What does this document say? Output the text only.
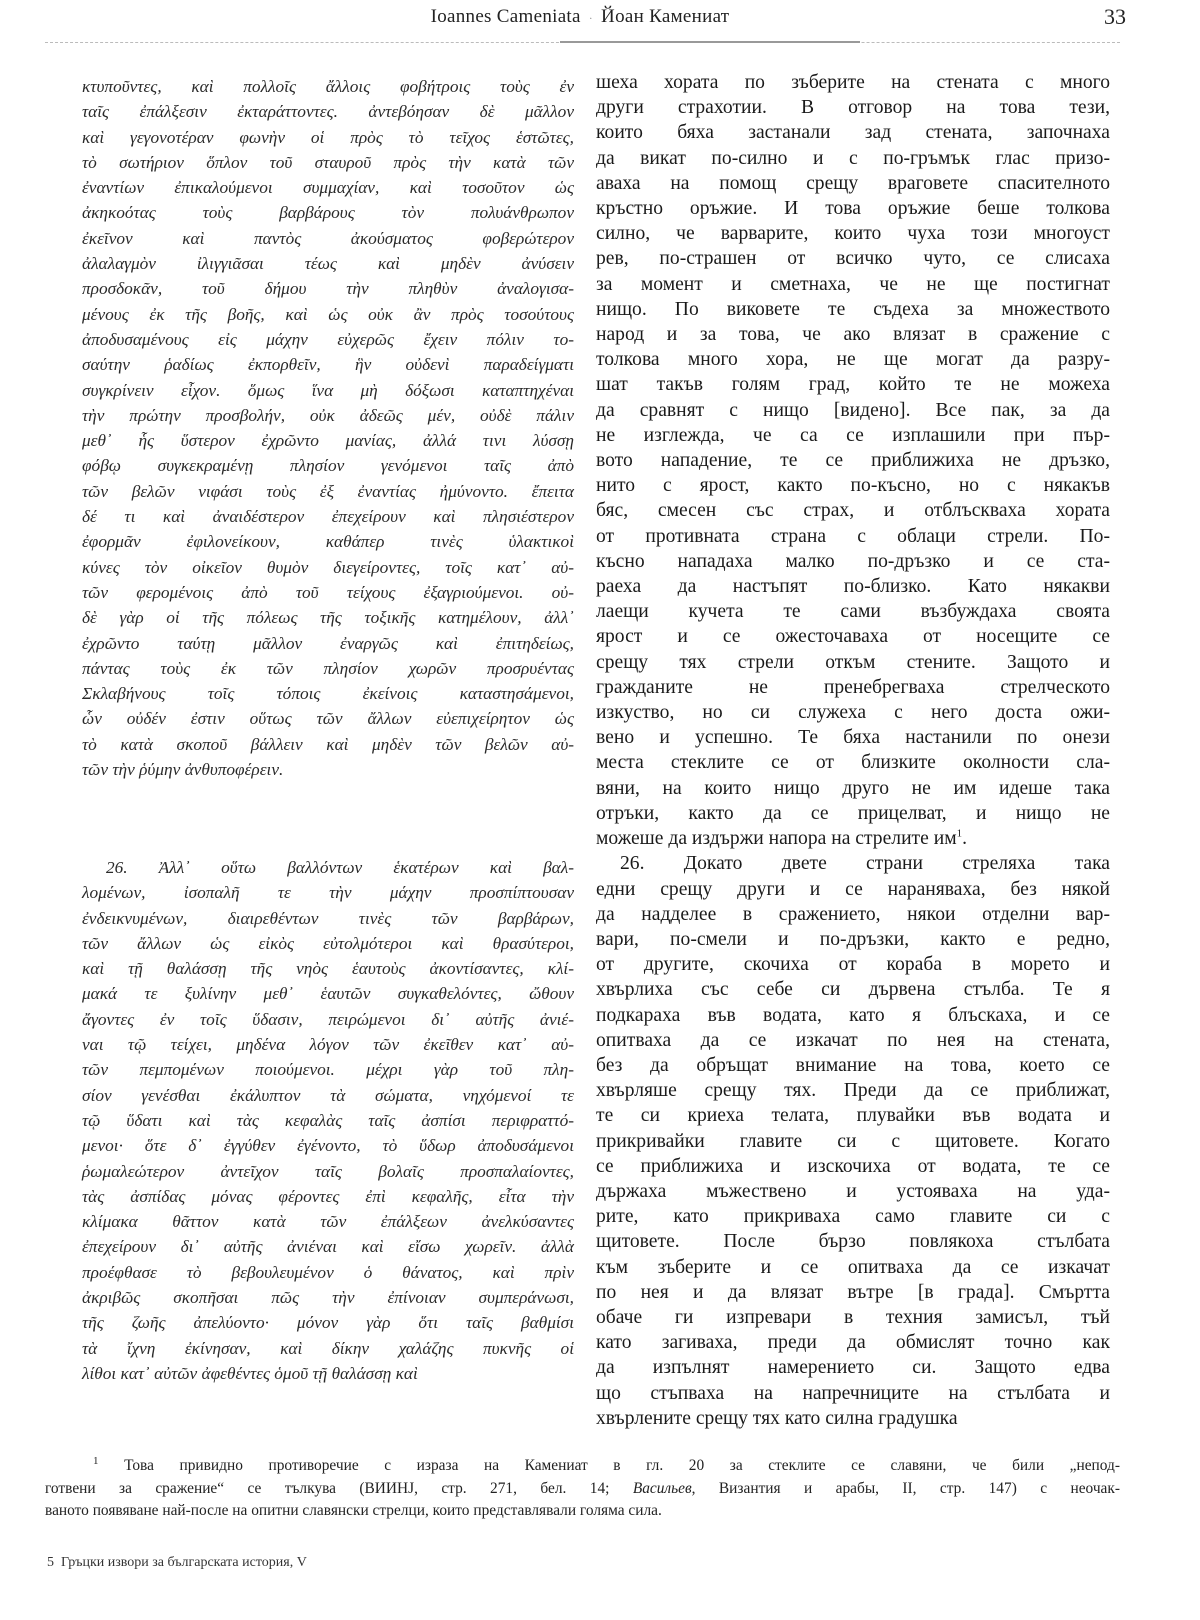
Ioannes Cameniata · Йоан Камениат	33
κτυποῦντες, καὶ πολλοῖς ἄλλοις φοβήτροις τοὺς ἐν
ταῖς ἐπάλξεσιν ἐκταράττοντες. ἀντεβόησαν δὲ μᾶλλον
καὶ γεγονοτέραν φωνὴν οἱ πρὸς τὸ τεῖχος ἑστῶτες,
τὸ σωτήριον ὅπλον τοῦ σταυροῦ πρὸς τὴν κατὰ τῶν
ἐναντίων ἐπικαλούμενοι συμμαχίαν, καὶ τοσοῦτον ὡς
ἀκηκοότας τοὺς βαρβάρους τὸν πολυάνθρωπον
ἐκεῖνον καὶ παντὸς ἀκούσματος φοβερώτερον
ἀλαλαγμὸν ἰλιγγιᾶσαι τέως καὶ μηδὲν ἀνύσειν
προσδοκᾶν, τοῦ δήμου τὴν πληθὺν ἀναλογισα-
μένους ἐκ τῆς βοῆς, καὶ ὡς οὐκ ἂν πρὸς τοσούτους
ἀποδυσαμένους εἰς μάχην εὐχερῶς ἔχειν πόλιν το-
σαύτην ῥαδίως ἐκπορθεῖν, ἣν οὐδενὶ παραδείγματι
συγκρίνειν εἶχον. ὅμως ἵνα μὴ δόξωσι καταπτηχέναι
τὴν πρώτην προσβολήν, οὐκ ἀδεῶς μέν, οὐδὲ πάλιν
μεθ᾿ ἧς ὕστερον ἐχρῶντο μανίας, ἀλλά τινι λύσσῃ
φόβῳ συγκεκραμένῃ πλησίον γενόμενοι ταῖς ἀπὸ
τῶν βελῶν νιφάσι τοὺς ἐξ ἐναντίας ἠμύνοντο. ἔπειτα
δέ τι καὶ ἀναιδέστερον ἐπεχείρουν καὶ πλησιέστερον
ἐφορμᾶν ἐφιλονείκουν, καθάπερ τινὲς ὑλακτικοὶ
κύνες τὸν οἰκεῖον θυμὸν διεγείροντες, τοῖς κατ᾿ αὐ-
τῶν φερομένοις ἀπὸ τοῦ τείχους ἐξαγριούμενοι. οὐ-
δὲ γὰρ οἱ τῆς πόλεως τῆς τοξικῆς κατημέλουν, ἀλλ᾿
ἐχρῶντο ταύτῃ μᾶλλον ἐναργῶς καὶ ἐπιτηδείως,
πάντας τοὺς ἐκ τῶν πλησίον χωρῶν προσρυέντας
Σκλαβήνους τοῖς τόποις ἐκείνοις καταστησάμενοι,
ὧν οὐδέν ἐστιν οὕτως τῶν ἄλλων εὐεπιχείρητον ὡς
τὸ κατὰ σκοποῦ βάλλειν καὶ μηδὲν τῶν βελῶν αὐ-
τῶν τὴν ῥύμην ἀνθυποφέρειν.
26. Ἀλλ᾿ οὕτω βαλλόντων ἑκατέρων καὶ βαλ-
λομένων, ἰσοπαλῆ τε τὴν μάχην προσπίπτουσαν
ἐνδεικνυμένων, διαιρεθέντων τινὲς τῶν βαρβάρων,
τῶν ἄλλων ὡς εἰκὸς εὐτολμότεροι καὶ θρασύτεροι,
καὶ τῇ θαλάσσῃ τῆς νηὸς ἑαυτοὺς ἀκοντίσαντες, κλί-
μακά τε ξυλίνην μεθ᾿ ἑαυτῶν συγκαθελόντες, ὤθουν
ἄγοντες ἐν τοῖς ὕδασιν, πειρώμενοι δι᾿ αὐτῆς ἀνιέ-
ναι τῷ τείχει, μηδένα λόγον τῶν ἐκεῖθεν κατ᾿ αὐ-
τῶν πεμπομένων ποιούμενοι. μέχρι γὰρ τοῦ πλη-
σίον γενέσθαι ἐκάλυπτον τὰ σώματα, νηχόμενοί τε
τῷ ὕδατι καὶ τὰς κεφαλὰς ταῖς ἀσπίσι περιφραττό-
μενοι· ὅτε δ᾿ ἐγγύθεν ἐγένοντο, τὸ ὕδωρ ἀποδυσάμενοι
ῥωμαλεώτερον ἀντεῖχον ταῖς βολαῖς προσπαλαίοντες,
τὰς ἀσπίδας μόνας φέροντες ἐπὶ κεφαλῆς, εἶτα τὴν
κλίμακα θᾶττον κατὰ τῶν ἐπάλξεων ἀνελκύσαντες
ἐπεχείρουν δι᾿ αὐτῆς ἀνιέναι καὶ εἴσω χωρεῖν. ἀλλὰ
προέφθασε τὸ βεβουλευμένον ὁ θάνατος, καὶ πρὶν
ἀκριβῶς σκοπῆσαι πῶς τὴν ἐπίνοιαν συμπεράνωσι,
τῆς ζωῆς ἀπελύοντο· μόνον γὰρ ὅτι ταῖς βαθμίσι
τὰ ἴχνη ἐκίνησαν, καὶ δίκην χαλάζης πυκνῆς οἱ
λίθοι κατ᾿ αὐτῶν ἀφεθέντες ὁμοῦ τῇ θαλάσσῃ καὶ
шеха хората по зъберите на стената с много
други страхотии. В отговор на това тези,
които бяха застанали зад стената, започнаха
да викат по-силно и с по-гръмък глас призо-
аваха на помощ срещу враговете спасителното
кръстно оръжие. И това оръжие беше толкова
силно, че варварите, които чуха този многоуст
рев, по-страшен от всичко чуто, се слисаха
за момент и сметнаха, че не ще постигнат
нищо. По виковете те съдеха за множеството
народ и за това, че ако влязат в сражение с
толкова много хора, не ще могат да разру-
шат такъв голям град, който те не можеха
да сравнят с нищо [видено]. Все пак, за да
не изглежда, че са се изплашили при пър-
вото нападение, те се приближиха не дръзко,
нито с ярост, както по-късно, но с някакъв
бяс, смесен със страх, и отблъскваха хората
от противната страна с облаци стрели. По-
късно нападаха малко по-дръзко и се ста-
раеха да настъпят по-близко. Като някакви
лаещи кучета те сами възбуждаха своята
ярост и се ожесточаваха от носещите се
срещу тях стрели откъм стените. Защото и
гражданите не пренебрегваха стрелческото
изкуство, но си служеха с него доста ожи-
вено и успешно. Те бяха настанили по онези
места стеклите се от близките околности сла-
вяни, на които нищо друго не им идеше така
отръки, както да се прицелват, и нищо не
можеше да издържи напора на стрелите $им^1$.
26. Докато двете страни стреляха така
едни срещу други и се нараняваха, без някой
да надделее в сражението, някои отделни вар-
вари, по-смели и по-дръзки, както е редно,
от другите, скочиха от кораба в морето и
хвърлиха със себе си дървена стълба. Те я
подкараха във водата, като я блъскаха, и се
опитваха да се изкачат по нея на стената,
без да обръщат внимание на това, което се
хвърляше срещу тях. Преди да се приближат,
те си криеха телата, плувайки във водата и
прикривайки главите си с щитовете. Когато
се приближиха и изскочиха от водата, те се
държаха мъжествено и устояваха на уда-
рите, като прикриваха само главите си с
щитовете. После бързо повлякоха стълбата
към зъберите и се опитваха да се изкачат
по нея и да влязат вътре [в града]. Смъртта
обаче ги изпревари в техния замисъл, тъй
като загиваха, преди да обмислят точно как
да изпълнят намерението си. Защото едва
що стъпваха на напречниците на стълбата и
хвърлените срещу тях като силна градушка
$^1$ Това привидно противоречие с израза на Камениат в гл. 20 за стеклите се славяни, че били „непод-
готвени за сражение“ се тълкува (ВИИНJ, стр. 271, бел. 14; Васильев, Византия и арабы, II, стр. 147) с неочак-
ваното появяване най-после на опитни славянски стрелци, които представлявали голяма сила.
5 Гръцки извори за българската история, V
